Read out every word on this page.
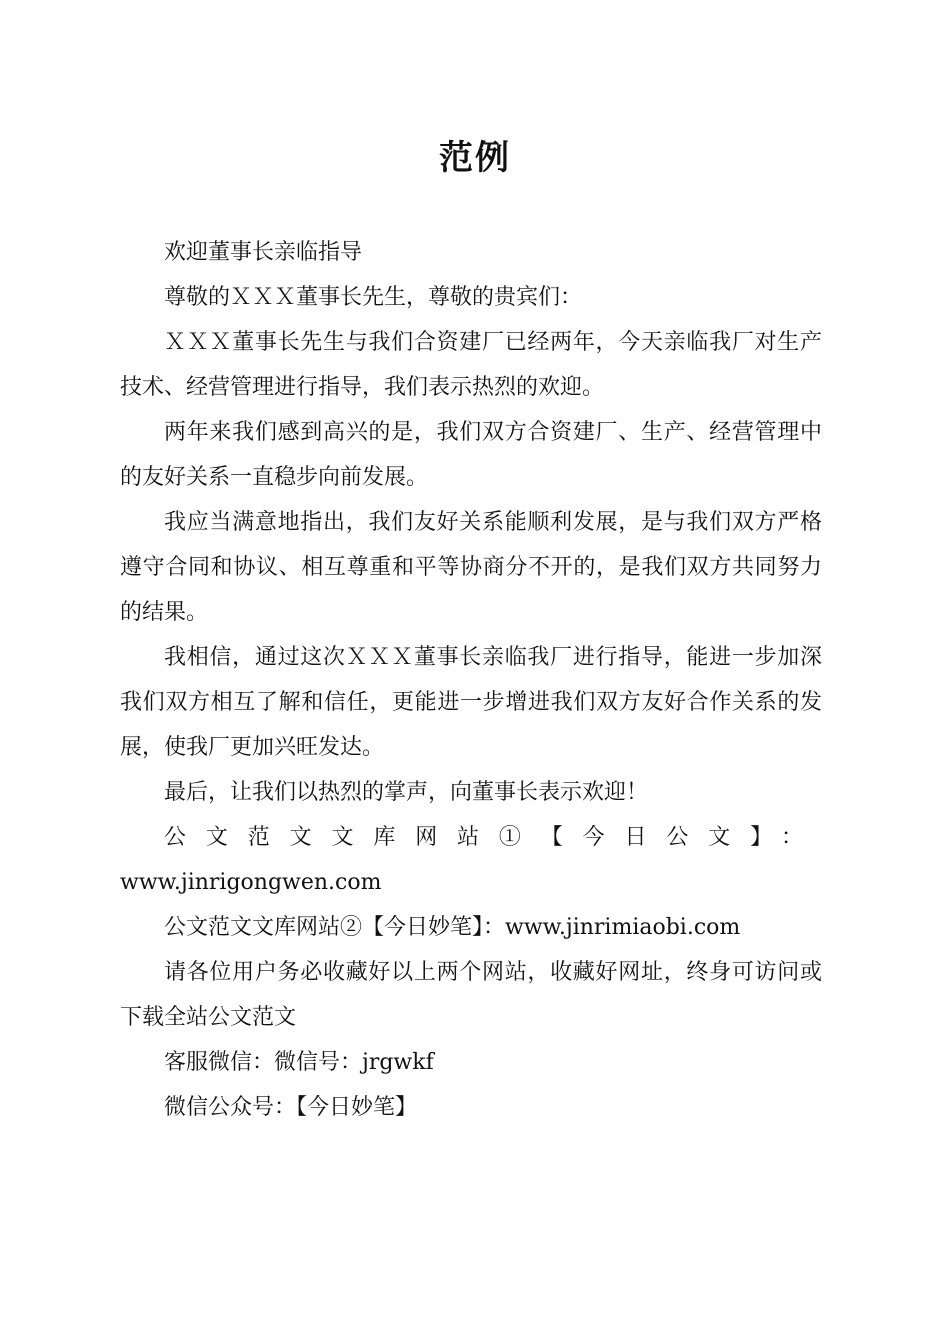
范例

欢迎董事长亲临指导

尊敬的ＸＸＸ董事长先生，尊敬的贵宾们：

ＸＸＸ董事长先生与我们合资建厂已经两年，今天亲临我厂对生产技术、经营管理进行指导，我们表示热烈的欢迎。

两年来我们感到高兴的是，我们双方合资建厂、生产、经营管理中的友好关系一直稳步向前发展。

我应当满意地指出，我们友好关系能顺利发展，是与我们双方严格遵守合同和协议、相互尊重和平等协商分不开的，是我们双方共同努力的结果。

我相信，通过这次ＸＸＸ董事长亲临我厂进行指导，能进一步加深我们双方相互了解和信任，更能进一步增进我们双方友好合作关系的发展，使我厂更加兴旺发达。

最后，让我们以热烈的掌声，向董事长表示欢迎！

公文范文文库网站①【今日公文】：www.jinrigongwen.com

公文范文文库网站②【今日妙笔】：www.jinrimiaobi.com

请各位用户务必收藏好以上两个网站，收藏好网址，终身可访问或下载全站公文范文

客服微信：微信号：jrgwkf

微信公众号：【今日妙笔】
